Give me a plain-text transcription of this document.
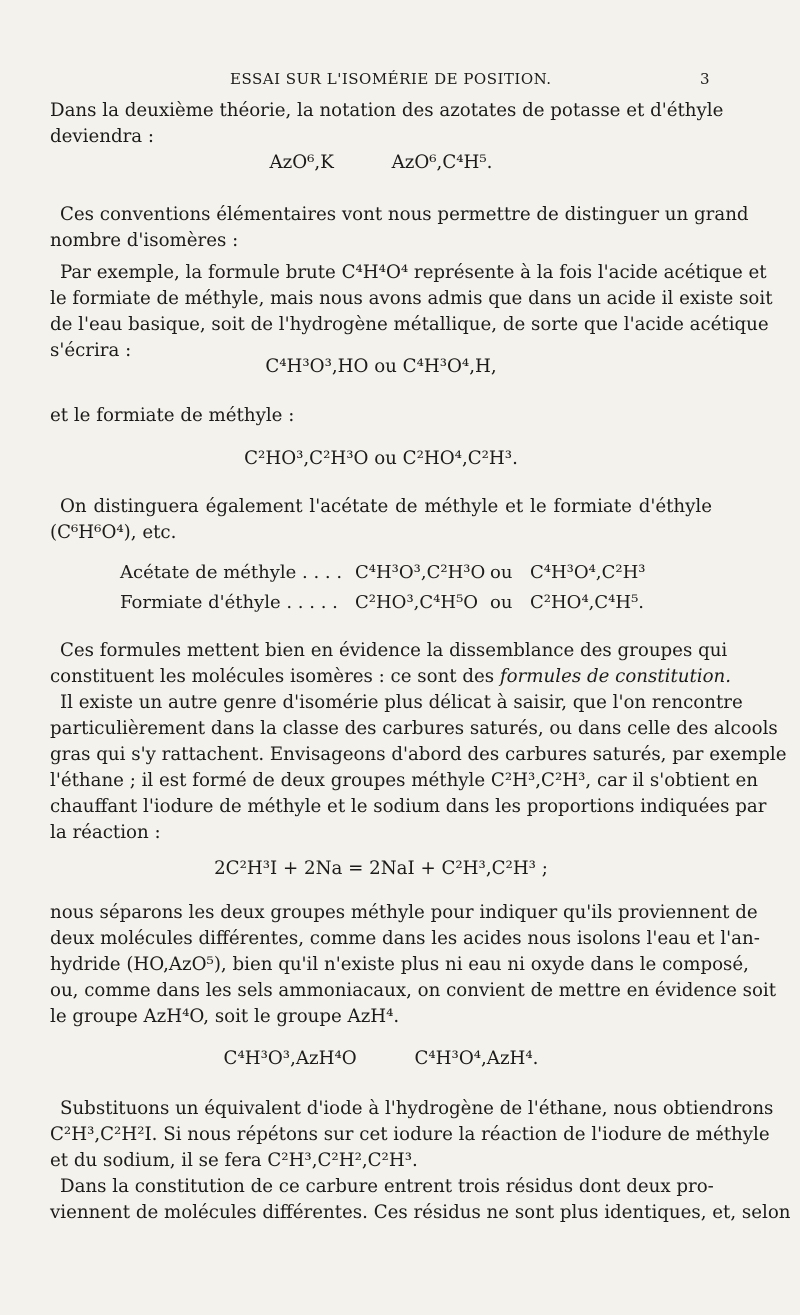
ESSAI SUR L'ISOMÉRIE DE POSITION.	3
Dans la deuxième théorie, la notation des azotates de potasse et d'éthyle
deviendra :
AzO⁶,K          AzO⁶,C⁴H⁵.
Ces conventions élémentaires vont nous permettre de distinguer un grand
nombre d'isomères :
Par exemple, la formule brute C⁴H⁴O⁴ représente à la fois l'acide acétique et
le formiate de méthyle, mais nous avons admis que dans un acide il existe soit
de l'eau basique, soit de l'hydrogène métallique, de sorte que l'acide acétique
s'écrira :
C⁴H³O³,HO ou C⁴H³O⁴,H,
et le formiate de méthyle :
C²HO³,C²H³O ou C²HO⁴,C²H³.
On distinguera également l'acétate de méthyle et le formiate d'éthyle
(C⁶H⁶O⁴), etc.
Acétate de méthyle . . . . C⁴H³O³,C²H³O ou C⁴H³O⁴,C²H³
Formiate d'éthyle . . . . . C²HO³,C⁴H⁵O ou C²HO⁴,C⁴H⁵.
Ces formules mettent bien en évidence la dissemblance des groupes qui
constituent les molécules isomères : ce sont des formules de constitution.
Il existe un autre genre d'isomérie plus délicat à saisir, que l'on rencontre
particulièrement dans la classe des carbures saturés, ou dans celle des alcools
gras qui s'y rattachent. Envisageons d'abord des carbures saturés, par exemple
l'éthane ; il est formé de deux groupes méthyle C²H³,C²H³, car il s'obtient en
chauffant l'iodure de méthyle et le sodium dans les proportions indiquées par
la réaction :
2C²H³I + 2Na = 2NaI + C²H³,C²H³ ;
nous séparons les deux groupes méthyle pour indiquer qu'ils proviennent de
deux molécules différentes, comme dans les acides nous isolons l'eau et l'an-
hydride (HO,AzO⁵), bien qu'il n'existe plus ni eau ni oxyde dans le composé,
ou, comme dans les sels ammoniacaux, on convient de mettre en évidence soit
le groupe AzH⁴O, soit le groupe AzH⁴.
C⁴H³O³,AzH⁴O          C⁴H³O⁴,AzH⁴.
Substituons un équivalent d'iode à l'hydrogène de l'éthane, nous obtiendrons
C²H³,C²H²I. Si nous répétons sur cet iodure la réaction de l'iodure de méthyle
et du sodium, il se fera C²H³,C²H²,C²H³.
Dans la constitution de ce carbure entrent trois résidus dont deux pro-
viennent de molécules différentes. Ces résidus ne sont plus identiques, et, selon
